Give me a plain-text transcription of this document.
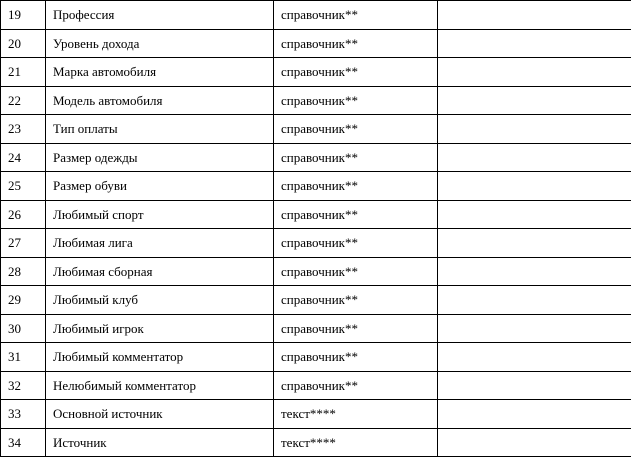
19	Профессия	справочник**	
20	Уровень дохода	справочник**	
21	Марка автомобиля	справочник**	
22	Модель автомобиля	справочник**	
23	Тип оплаты	справочник**	
24	Размер одежды	справочник**	
25	Размер обуви	справочник**	
26	Любимый спорт	справочник**	
27	Любимая лига	справочник**	
28	Любимая сборная	справочник**	
29	Любимый клуб	справочник**	
30	Любимый игрок	справочник**	
31	Любимый комментатор	справочник**	
32	Нелюбимый комментатор	справочник**	
33	Основной источник	текст****	
34	Источник	текст****	
